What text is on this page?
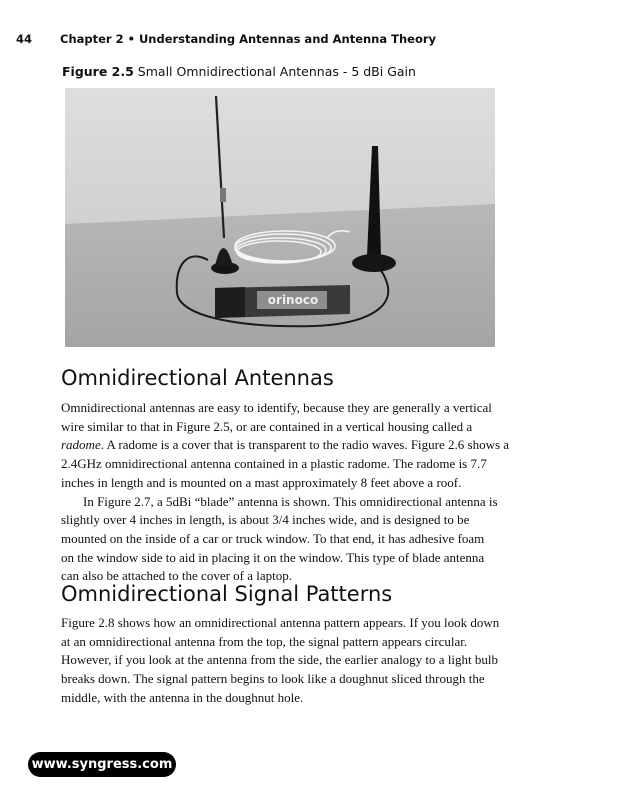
44 Chapter 2 • Understanding Antennas and Antenna Theory
Figure 2.5 Small Omnidirectional Antennas - 5 dBi Gain
orinoco
Omnidirectional Antennas
Omnidirectional antennas are easy to identify, because they are generally a vertical
wire similar to that in Figure 2.5, or are contained in a vertical housing called a
radome. A radome is a cover that is transparent to the radio waves. Figure 2.6 shows a
2.4GHz omnidirectional antenna contained in a plastic radome. The radome is 7.7
inches in length and is mounted on a mast approximately 8 feet above a roof.
In Figure 2.7, a 5dBi “blade” antenna is shown. This omnidirectional antenna is
slightly over 4 inches in length, is about 3/4 inches wide, and is designed to be
mounted on the inside of a car or truck window. To that end, it has adhesive foam
on the window side to aid in placing it on the window. This type of blade antenna
can also be attached to the cover of a laptop.
Omnidirectional Signal Patterns
Figure 2.8 shows how an omnidirectional antenna pattern appears. If you look down
at an omnidirectional antenna from the top, the signal pattern appears circular.
However, if you look at the antenna from the side, the earlier analogy to a light bulb
breaks down. The signal pattern begins to look like a doughnut sliced through the
middle, with the antenna in the doughnut hole.
www.syngress.com
